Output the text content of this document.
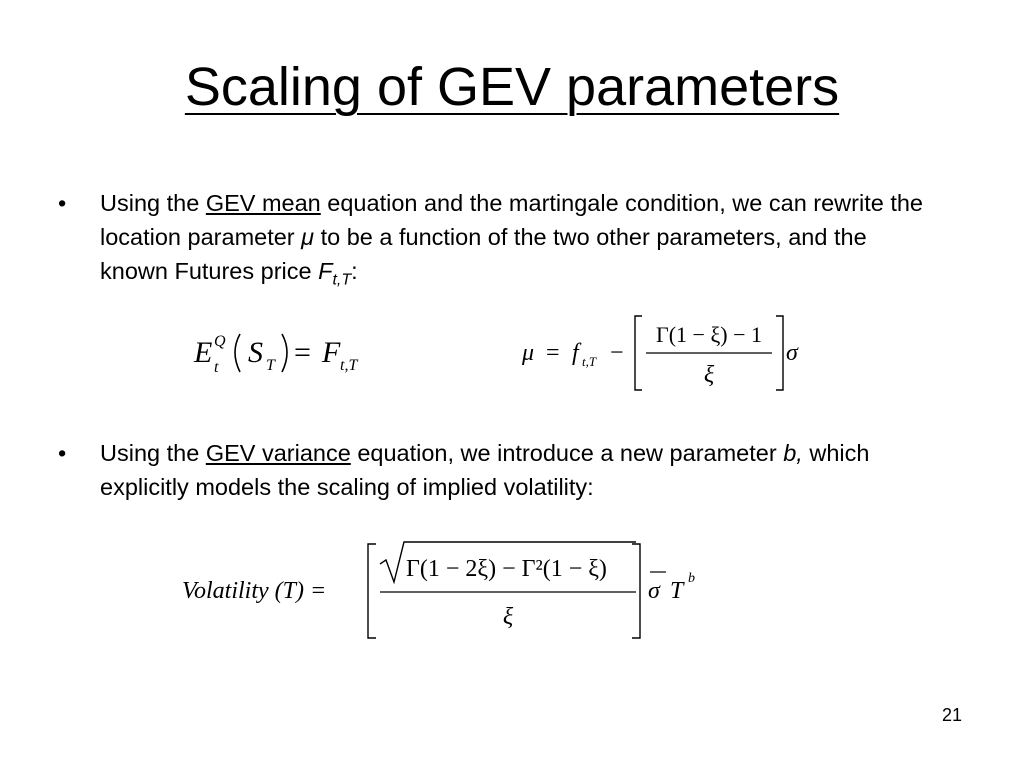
Scaling of GEV parameters
• Using the GEV mean equation and the martingale condition, we can rewrite the location parameter μ to be a function of the two other parameters, and the known Futures price $F_{t,T}$:
E Q
t S T = F t,T	μ = f t,T −
Γ(1 − ξ) − 1
ξ
σ
• Using the GEV variance equation, we introduce a new parameter b, which explicitly models the scaling of implied volatility:
Volatility (T) =
Γ(1 − 2ξ) − Γ²(1 − ξ)
ξ
σ T b
21
